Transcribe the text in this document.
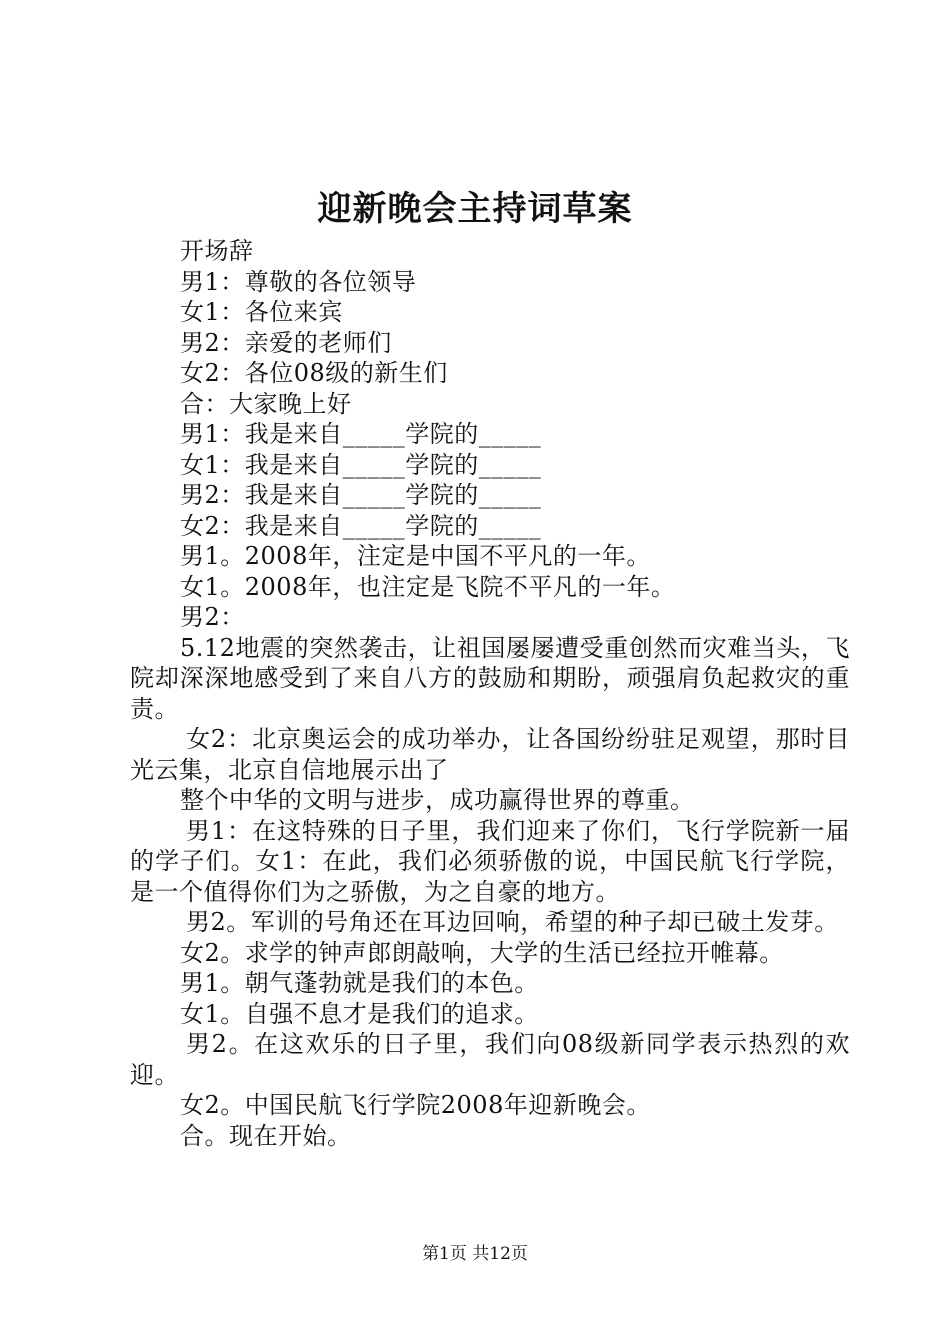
迎新晚会主持词草案

开场辞

男1：尊敬的各位领导

女1：各位来宾

男2：亲爱的老师们

女2：各位08级的新生们

合：大家晚上好

男1：我是来自_____学院的_____

女1：我是来自_____学院的_____

男2：我是来自_____学院的_____

女2：我是来自_____学院的_____

男1。2008年，注定是中国不平凡的一年。

女1。2008年，也注定是飞院不平凡的一年。

男2：

5.12地震的突然袭击，让祖国屡屡遭受重创然而灾难当头，飞院却深深地感受到了来自八方的鼓励和期盼，顽强肩负起救灾的重责。

女2：北京奥运会的成功举办，让各国纷纷驻足观望，那时目光云集，北京自信地展示出了

整个中华的文明与进步，成功赢得世界的尊重。

男1：在这特殊的日子里，我们迎来了你们，飞行学院新一届的学子们。女1：在此，我们必须骄傲的说，中国民航飞行学院，是一个值得你们为之骄傲，为之自豪的地方。

男2。军训的号角还在耳边回响，希望的种子却已破土发芽。

女2。求学的钟声郎朗敲响，大学的生活已经拉开帷幕。

男1。朝气蓬勃就是我们的本色。

女1。自强不息才是我们的追求。

男2。在这欢乐的日子里，我们向08级新同学表示热烈的欢迎。

女2。中国民航飞行学院2008年迎新晚会。

合。现在开始。

第1页 共12页
